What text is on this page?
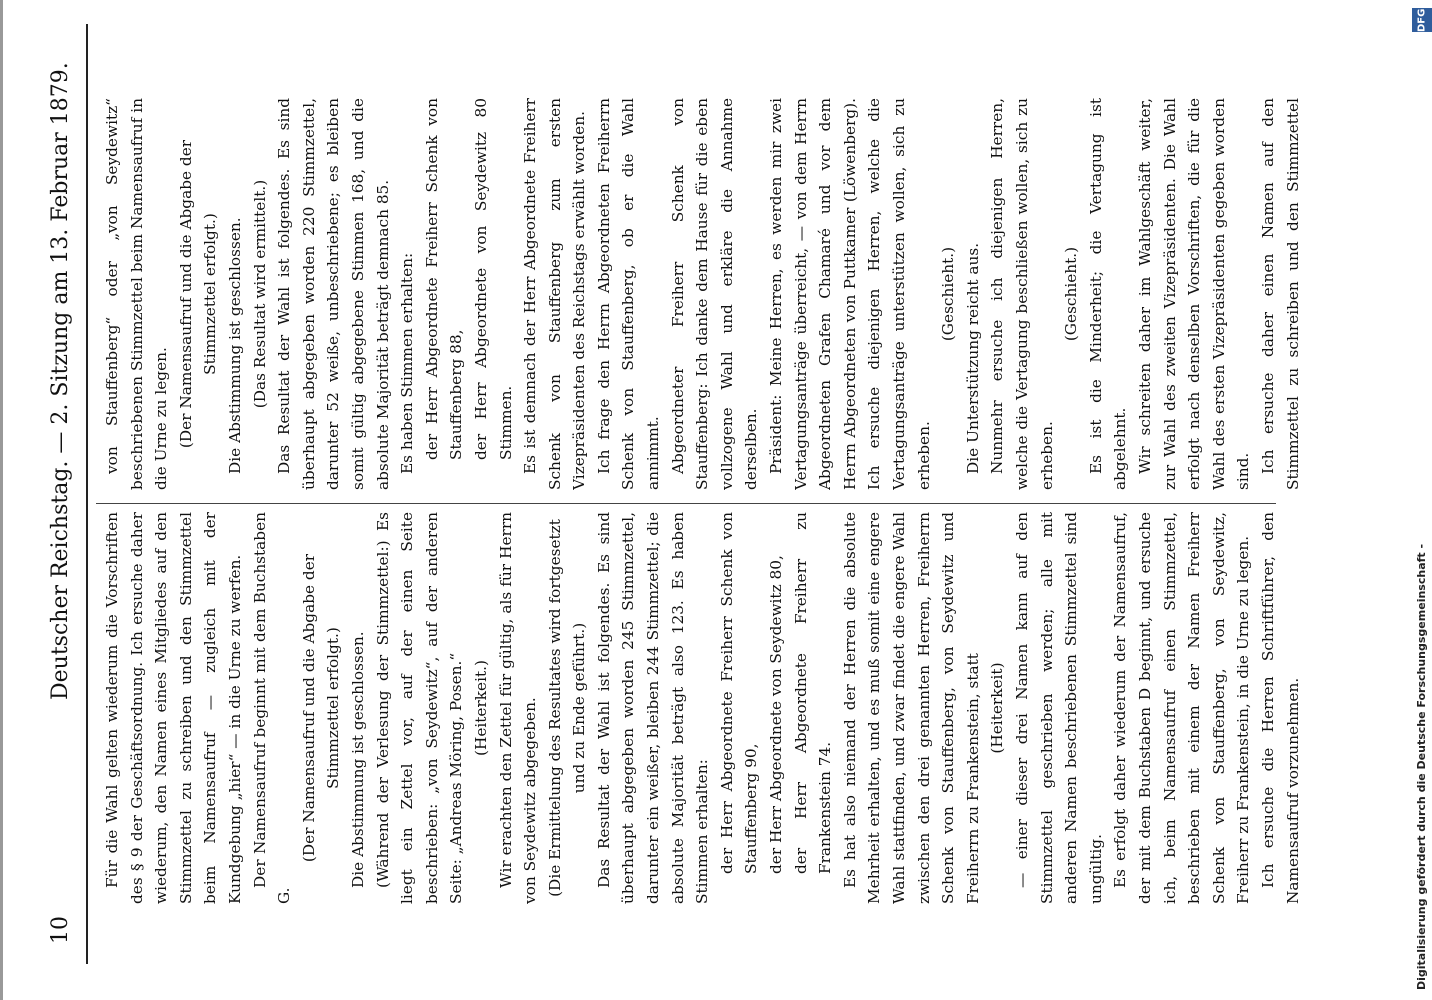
10
Deutscher Reichstag. — 2. Sitzung am 13. Februar 1879. Für die Wahl gelten wiederum die Vorschriften des § 9 der Geschäftsordnung. Ich ersuche daher wiederum, den Namen eines Mitgliedes auf den Stimmzettel zu schreiben und den Stimmzettel beim Namensaufruf — zugleich mit der Kundgebung „hier“ — in die Urne zu werfen. Der Namensaufruf beginnt mit dem Buchstaben G.

(Der Namensaufruf und die Abgabe der Stimmzettel erfolgt.) Die Abstimmung ist geschlossen. (Während der Verlesung der Stimmzettel:) Es liegt ein Zettel vor, auf der einen Seite beschrieben: „von Seydewitz“, auf der anderen Seite: „Andreas Möring, Posen.“ (Heiterkeit.) Wir erachten den Zettel für gültig, als für Herrn von Seydewitz abgegeben. (Die Ermittelung des Resultates wird fortgesetzt und zu Ende geführt.) Das Resultat der Wahl ist folgendes. Es sind überhaupt abgegeben worden 245 Stimmzettel, darunter ein weißer, bleiben 244 Stimmzettel; die absolute Majorität beträgt also 123. Es haben Stimmen erhalten: der Herr Abgeordnete Freiherr Schenk von Stauffenberg 90, der Herr Abgeordnete von Seydewitz 80, der Herr Abgeordnete Freiherr zu Frankenstein 74. Es hat also niemand der Herren die absolute Mehrheit erhalten, und es muß somit eine engere Wahl stattfinden, und zwar findet die engere Wahl zwischen den drei genannten Herren, Freiherrn Schenk von Stauffenberg, von Seydewitz und Freiherrn zu Frankenstein, statt (Heiterkeit) — einer dieser drei Namen kann auf den Stimmzettel geschrieben werden; alle mit anderen Namen beschriebenen Stimmzettel sind ungültig. Es erfolgt daher wiederum der Namensaufruf, der mit dem Buchstaben D beginnt, und ersuche ich, beim Namensaufruf einen Stimmzettel, beschrieben mit einem der Namen Freiherr Schenk von Stauffenberg, von Seydewitz, Freiherr zu Frankenstein, in die Urne zu legen. Ich ersuche die Herren Schriftführer, den Namensaufruf vorzunehmen.

von Stauffenberg“ oder „von Seydewitz“ beschriebenen Stimmzettel beim Namensaufruf in die Urne zu legen. (Der Namensaufruf und die Abgabe der Stimmzettel erfolgt.) Die Abstimmung ist geschlossen. (Das Resultat wird ermittelt.) Das Resultat der Wahl ist folgendes. Es sind überhaupt abgegeben worden 220 Stimmzettel, darunter 52 weiße, unbeschriebene; es bleiben somit gültig abgegebene Stimmen 168, und die absolute Majorität beträgt demnach 85. Es haben Stimmen erhalten: der Herr Abgeordnete Freiherr Schenk von Stauffenberg 88, der Herr Abgeordnete von Seydewitz 80 Stimmen. Es ist demnach der Herr Abgeordnete Freiherr Schenk von Stauffenberg zum ersten Vizepräsidenten des Reichstags erwählt worden. Ich frage den Herrn Abgeordneten Freiherrn Schenk von Stauffenberg, ob er die Wahl annimmt. Abgeordneter Freiherr Schenk von Stauffenberg: Ich danke dem Hause für die eben vollzogene Wahl und erkläre die Annahme derselben. Präsident: Meine Herren, es werden mir zwei Vertagungsanträge überreicht, — von dem Herrn Abgeordneten Grafen Chamaré und vor dem Herrn Abgeordneten von Puttkamer (Löwenberg). Ich ersuche diejenigen Herren, welche die Vertagungsanträge unterstützen wollen, sich zu erheben.

(Geschieht.) Die Unterstützung reicht aus. Nunmehr ersuche ich diejenigen Herren, welche die Vertagung beschließen wollen, sich zu erheben.

(Geschieht.) Es ist die Minderheit; die Vertagung ist abgelehnt. Wir schreiten daher im Wahlgeschäft weiter, zur Wahl des zweiten Vizepräsidenten. Die Wahl erfolgt nach denselben Vorschriften, die für die Wahl des ersten Vizepräsidenten gegeben worden sind. Ich ersuche daher einen Namen auf den Stimmzettel zu schreiben und den Stimmzettel

DFG
Digitalisierung gefördert durch die Deutsche Forschungsgemeinschaft -
